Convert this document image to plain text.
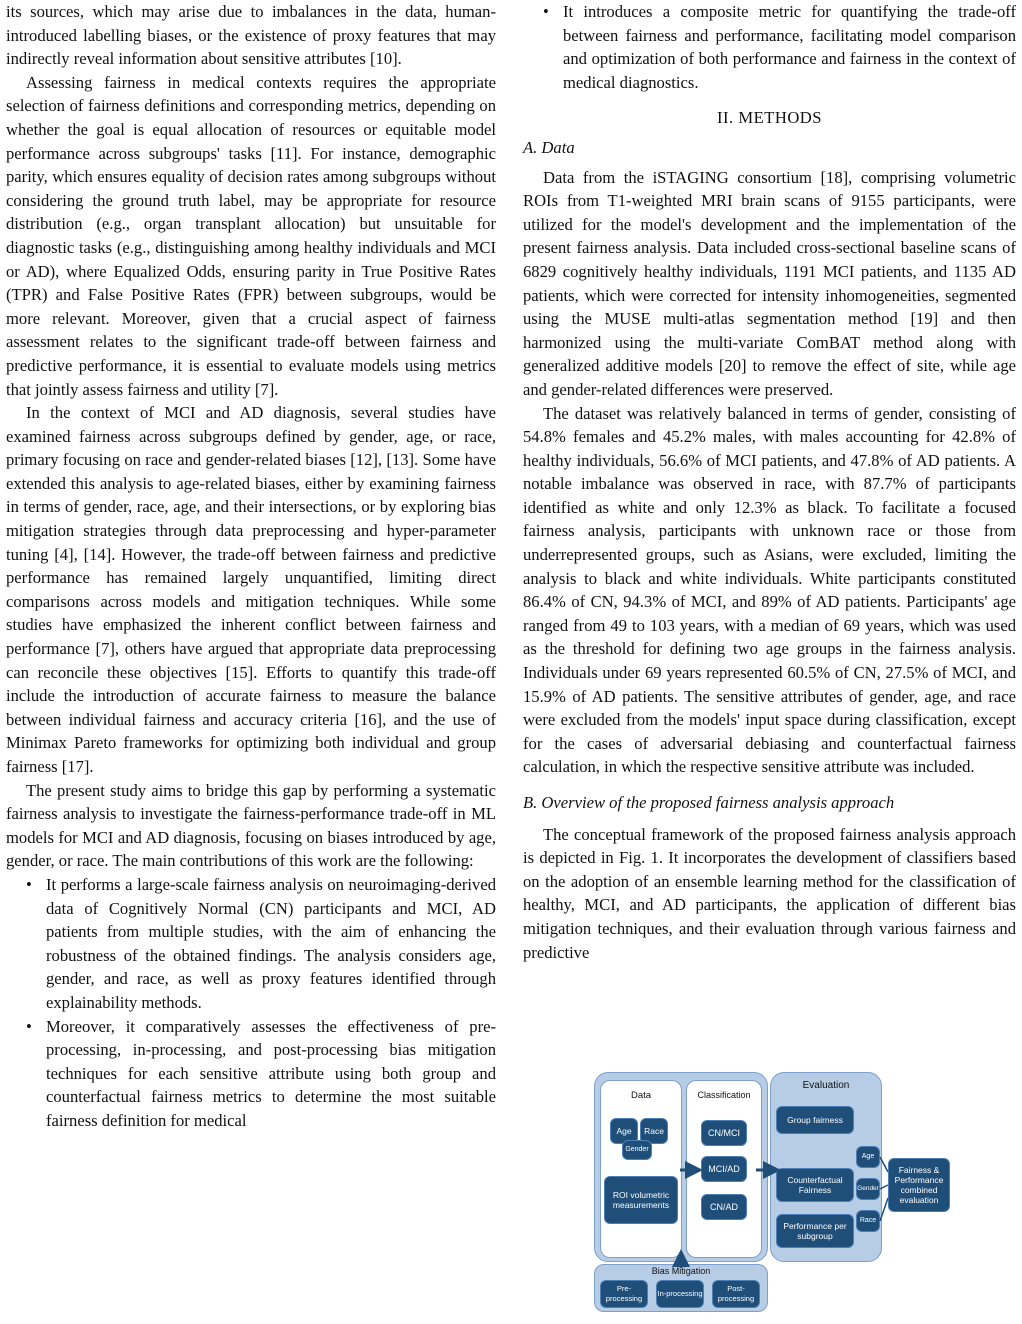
its sources, which may arise due to imbalances in the data, human-introduced labelling biases, or the existence of proxy features that may indirectly reveal information about sensitive attributes [10].

Assessing fairness in medical contexts requires the appropriate selection of fairness definitions and corresponding metrics, depending on whether the goal is equal allocation of resources or equitable model performance across subgroups' tasks [11]. For instance, demographic parity, which ensures equality of decision rates among subgroups without considering the ground truth label, may be appropriate for resource distribution (e.g., organ transplant allocation) but unsuitable for diagnostic tasks (e.g., distinguishing among healthy individuals and MCI or AD), where Equalized Odds, ensuring parity in True Positive Rates (TPR) and False Positive Rates (FPR) between subgroups, would be more relevant. Moreover, given that a crucial aspect of fairness assessment relates to the significant trade-off between fairness and predictive performance, it is essential to evaluate models using metrics that jointly assess fairness and utility [7].

In the context of MCI and AD diagnosis, several studies have examined fairness across subgroups defined by gender, age, or race, primary focusing on race and gender-related biases [12], [13]. Some have extended this analysis to age-related biases, either by examining fairness in terms of gender, race, age, and their intersections, or by exploring bias mitigation strategies through data preprocessing and hyper-parameter tuning [4], [14]. However, the trade-off between fairness and predictive performance has remained largely unquantified, limiting direct comparisons across models and mitigation techniques. While some studies have emphasized the inherent conflict between fairness and performance [7], others have argued that appropriate data preprocessing can reconcile these objectives [15]. Efforts to quantify this trade-off include the introduction of accurate fairness to measure the balance between individual fairness and accuracy criteria [16], and the use of Minimax Pareto frameworks for optimizing both individual and group fairness [17].

The present study aims to bridge this gap by performing a systematic fairness analysis to investigate the fairness-performance trade-off in ML models for MCI and AD diagnosis, focusing on biases introduced by age, gender, or race. The main contributions of this work are the following:

• It performs a large-scale fairness analysis on neuroimaging-derived data of Cognitively Normal (CN) participants and MCI, AD patients from multiple studies, with the aim of enhancing the robustness of the obtained findings. The analysis considers age, gender, and race, as well as proxy features identified through explainability methods.
• Moreover, it comparatively assesses the effectiveness of pre-processing, in-processing, and post-processing bias mitigation techniques for each sensitive attribute using both group and counterfactual fairness metrics to determine the most suitable fairness definition for medical
• It introduces a composite metric for quantifying the trade-off between fairness and performance, facilitating model comparison and optimization of both performance and fairness in the context of medical diagnostics.
II. METHODS
A. Data

Data from the iSTAGING consortium [18], comprising volumetric ROIs from T1-weighted MRI brain scans of 9155 participants, were utilized for the model's development and the implementation of the present fairness analysis. Data included cross-sectional baseline scans of 6829 cognitively healthy individuals, 1191 MCI patients, and 1135 AD patients, which were corrected for intensity inhomogeneities, segmented using the MUSE multi-atlas segmentation method [19] and then harmonized using the multi-variate ComBAT method along with generalized additive models [20] to remove the effect of site, while age and gender-related differences were preserved.

The dataset was relatively balanced in terms of gender, consisting of 54.8% females and 45.2% males, with males accounting for 42.8% of healthy individuals, 56.6% of MCI patients, and 47.8% of AD patients. A notable imbalance was observed in race, with 87.7% of participants identified as white and only 12.3% as black. To facilitate a focused fairness analysis, participants with unknown race or those from underrepresented groups, such as Asians, were excluded, limiting the analysis to black and white individuals. White participants constituted 86.4% of CN, 94.3% of MCI, and 89% of AD patients. Participants' age ranged from 49 to 103 years, with a median of 69 years, which was used as the threshold for defining two age groups in the fairness analysis. Individuals under 69 years represented 60.5% of CN, 27.5% of MCI, and 15.9% of AD patients. The sensitive attributes of gender, age, and race were excluded from the models' input space during classification, except for the cases of adversarial debiasing and counterfactual fairness calculation, in which the respective sensitive attribute was included.

B. Overview of the proposed fairness analysis approach

The conceptual framework of the proposed fairness analysis approach is depicted in Fig. 1. It incorporates the development of classifiers based on the adoption of an ensemble learning method for the classification of healthy, MCI, and AD participants, the application of different bias mitigation techniques, and their evaluation through various fairness and predictive

Data
Age	Race
Gender
ROI volumetric measurements
Classification
CN/MCI
MCI/AD
CN/AD
Evaluation
Group fairness
Counterfactual Fairness
Performance per subgroup
Age
Gender
Race
Fairness & Performance combined evaluation
Bias Mitigation
Pre-processing
In-processing
Post-processing
